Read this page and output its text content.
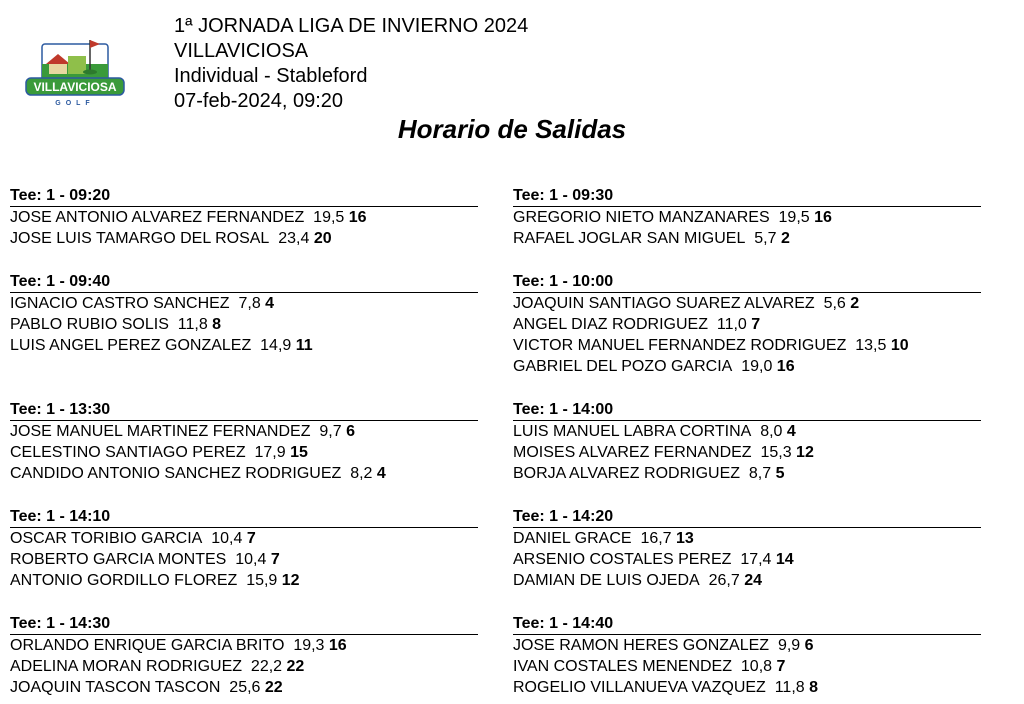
VILLAVICIOSA
GOLF
1ª JORNADA LIGA DE INVIERNO 2024
VILLAVICIOSA
Individual - Stableford
07-feb-2024, 09:20
Horario de Salidas
Tee: 1 - 09:20
JOSE ANTONIO ALVAREZ FERNANDEZ 19,5 16
JOSE LUIS TAMARGO DEL ROSAL 23,4 20
Tee: 1 - 09:30
GREGORIO NIETO MANZANARES 19,5 16
RAFAEL JOGLAR SAN MIGUEL 5,7 2
Tee: 1 - 09:40
IGNACIO CASTRO SANCHEZ 7,8 4
PABLO RUBIO SOLIS 11,8 8
LUIS ANGEL PEREZ GONZALEZ 14,9 11
Tee: 1 - 10:00
JOAQUIN SANTIAGO SUAREZ ALVAREZ 5,6 2
ANGEL DIAZ RODRIGUEZ 11,0 7
VICTOR MANUEL FERNANDEZ RODRIGUEZ 13,5 10
GABRIEL DEL POZO GARCIA 19,0 16
Tee: 1 - 13:30
JOSE MANUEL MARTINEZ FERNANDEZ 9,7 6
CELESTINO SANTIAGO PEREZ 17,9 15
CANDIDO ANTONIO SANCHEZ RODRIGUEZ 8,2 4
Tee: 1 - 14:00
LUIS MANUEL LABRA CORTINA 8,0 4
MOISES ALVAREZ FERNANDEZ 15,3 12
BORJA ALVAREZ RODRIGUEZ 8,7 5
Tee: 1 - 14:10
OSCAR TORIBIO GARCIA 10,4 7
ROBERTO GARCIA MONTES 10,4 7
ANTONIO GORDILLO FLOREZ 15,9 12
Tee: 1 - 14:20
DANIEL GRACE 16,7 13
ARSENIO COSTALES PEREZ 17,4 14
DAMIAN DE LUIS OJEDA 26,7 24
Tee: 1 - 14:30
ORLANDO ENRIQUE GARCIA BRITO 19,3 16
ADELINA MORAN RODRIGUEZ 22,2 22
JOAQUIN TASCON TASCON 25,6 22
Tee: 1 - 14:40
JOSE RAMON HERES GONZALEZ 9,9 6
IVAN COSTALES MENENDEZ 10,8 7
ROGELIO VILLANUEVA VAZQUEZ 11,8 8
